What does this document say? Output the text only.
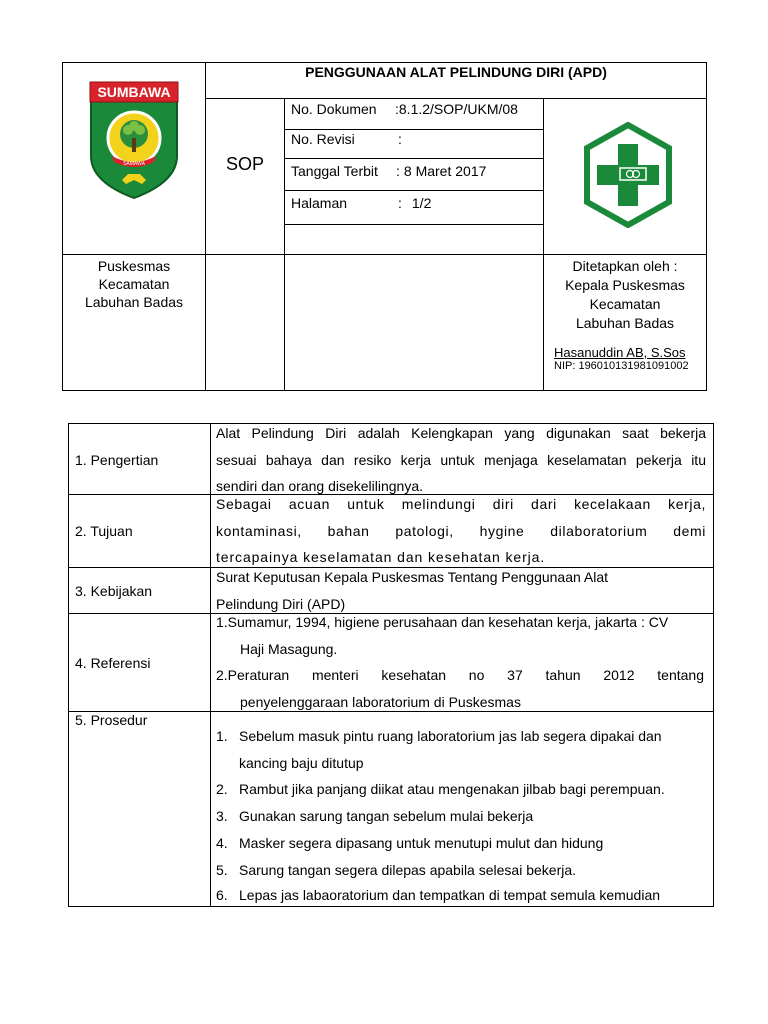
SUMBAWA
SAMAWA
PENGGUNAAN ALAT PELINDUNG DIRI (APD)
SOP
No. Dokumen :8.1.2/SOP/UKM/08
No. Revisi	:
Tanggal Terbit : 8 Maret 2017
Halaman	: 1/2
Puskesmas
Kecamatan
Labuhan Badas
Ditetapkan oleh :
Kepala Puskesmas
Kecamatan
Labuhan Badas
Hasanuddin AB, S.Sos
NIP: 196010131981091002
1. Pengertian
Alat Pelindung Diri adalah Kelengkapan yang digunakan saat bekerja
sesuai bahaya dan resiko kerja untuk menjaga keselamatan pekerja itu
sendiri dan orang disekelilingnya.
2. Tujuan
Sebagai acuan untuk melindungi diri dari kecelakaan kerja,
kontaminasi, bahan patologi, hygine dilaboratorium demi
tercapainya keselamatan dan kesehatan kerja.
3. Kebijakan
Surat Keputusan Kepala Puskesmas Tentang Penggunaan Alat
Pelindung Diri (APD)
4. Referensi
1.Sumamur, 1994, higiene perusahaan dan kesehatan kerja, jakarta : CV
Haji Masagung.
2.Peraturan menteri kesehatan no 37 tahun 2012 tentang
penyelenggaraan laboratorium di Puskesmas
5. Prosedur
1. Sebelum masuk pintu ruang laboratorium jas lab segera dipakai dan
kancing baju ditutup
2. Rambut jika panjang diikat atau mengenakan jilbab bagi perempuan.
3. Gunakan sarung tangan sebelum mulai bekerja
4. Masker segera dipasang untuk menutupi mulut dan hidung
5. Sarung tangan segera dilepas apabila selesai bekerja.
6. Lepas jas labaoratorium dan tempatkan di tempat semula kemudian
